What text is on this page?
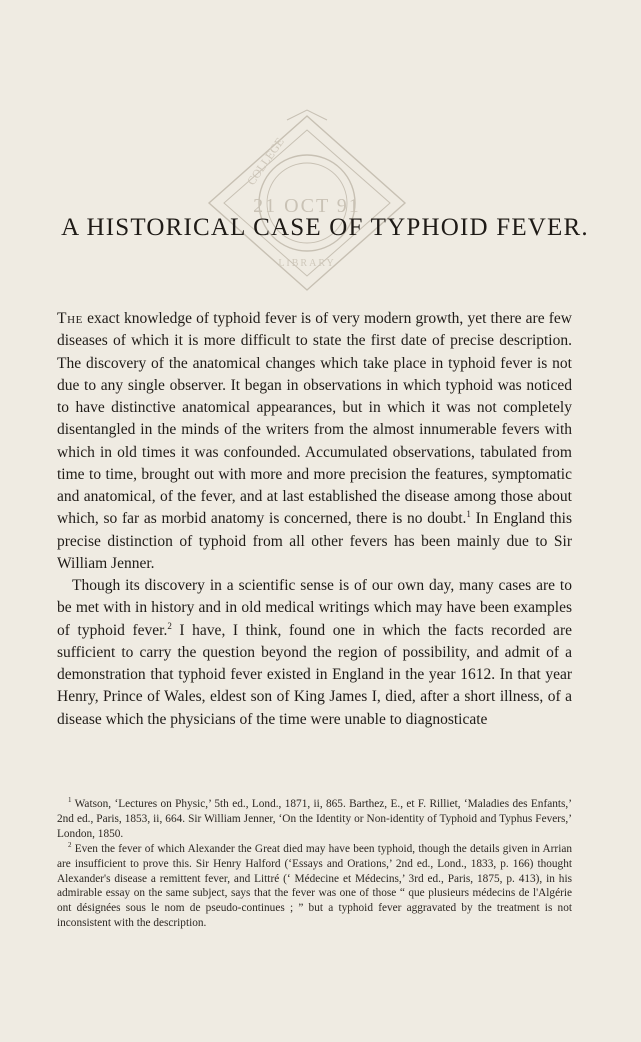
COLLEGE
21 OCT 91
LIBRARY
A HISTORICAL CASE OF TYPHOID FEVER.

The exact knowledge of typhoid fever is of very modern growth, yet there are few diseases of which it is more difficult to state the first date of precise description. The discovery of the anatomical changes which take place in typhoid fever is not due to any single observer. It began in observations in which typhoid was noticed to have distinctive anatomical appearances, but in which it was not completely disentangled in the minds of the writers from the almost innumerable fevers with which in old times it was confounded. Accumulated observations, tabulated from time to time, brought out with more and more precision the features, symptomatic and anatomical, of the fever, and at last established the disease among those about which, so far as morbid anatomy is concerned, there is no doubt.$^1$ In England this precise distinction of typhoid from all other fevers has been mainly due to Sir William Jenner.

Though its discovery in a scientific sense is of our own day, many cases are to be met with in history and in old medical writings which may have been examples of typhoid fever.$^2$ I have, I think, found one in which the facts recorded are sufficient to carry the question beyond the region of possibility, and admit of a demonstration that typhoid fever existed in England in the year 1612. In that year Henry, Prince of Wales, eldest son of King James I, died, after a short illness, of a disease which the physicians of the time were unable to diagnosticate

$^1$ Watson, ‘Lectures on Physic,’ 5th ed., Lond., 1871, ii, 865. Barthez, E., et F. Rilliet, ‘Maladies des Enfants,’ 2nd ed., Paris, 1853, ii, 664. Sir William Jenner, ‘On the Identity or Non-identity of Typhoid and Typhus Fevers,’ London, 1850.

$^2$ Even the fever of which Alexander the Great died may have been typhoid, though the details given in Arrian are insufficient to prove this. Sir Henry Halford (‘Essays and Orations,’ 2nd ed., Lond., 1833, p. 166) thought Alexander's disease a remittent fever, and Littré (‘ Médecine et Médecins,’ 3rd ed., Paris, 1875, p. 413), in his admirable essay on the same subject, says that the fever was one of those “ que plusieurs médecins de l'Algérie ont désignées sous le nom de pseudo-continues ; ” but a typhoid fever aggravated by the treatment is not inconsistent with the description.
